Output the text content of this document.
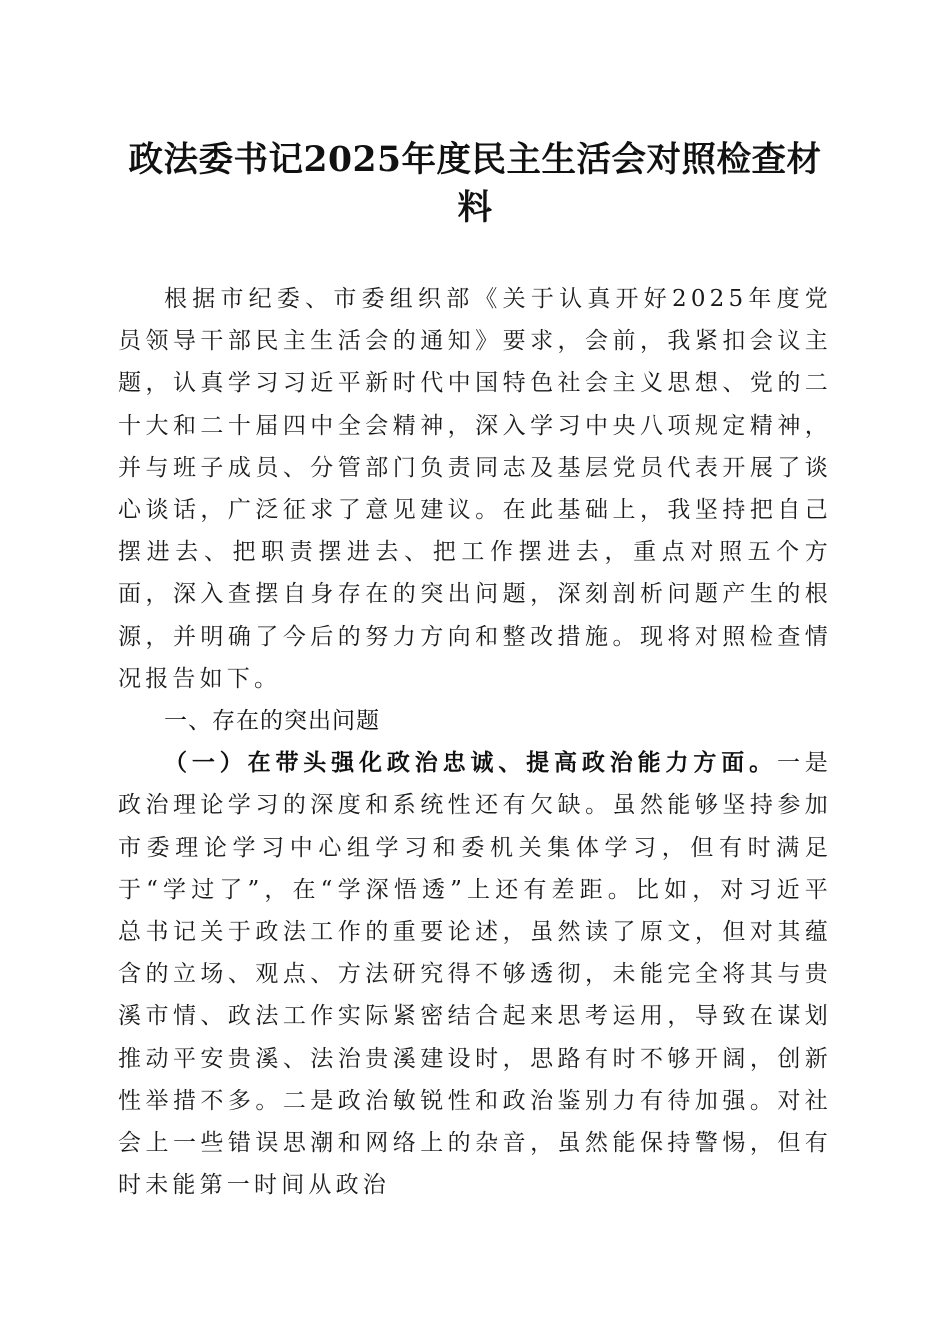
政法委书记2025年度民主生活会对照检查材料

根据市纪委、市委组织部《关于认真开好2025年度党员领导干部民主生活会的通知》要求，会前，我紧扣会议主题，认真学习习近平新时代中国特色社会主义思想、党的二十大和二十届四中全会精神，深入学习中央八项规定精神，并与班子成员、分管部门负责同志及基层党员代表开展了谈心谈话，广泛征求了意见建议。在此基础上，我坚持把自己摆进去、把职责摆进去、把工作摆进去，重点对照五个方面，深入查摆自身存在的突出问题，深刻剖析问题产生的根源，并明确了今后的努力方向和整改措施。现将对照检查情况报告如下。

一、存在的突出问题

（一）在带头强化政治忠诚、提高政治能力方面。一是政治理论学习的深度和系统性还有欠缺。虽然能够坚持参加市委理论学习中心组学习和委机关集体学习，但有时满足于“学过了”，在“学深悟透”上还有差距。比如，对习近平总书记关于政法工作的重要论述，虽然读了原文，但对其蕴含的立场、观点、方法研究得不够透彻，未能完全将其与贵溪市情、政法工作实际紧密结合起来思考运用，导致在谋划推动平安贵溪、法治贵溪建设时，思路有时不够开阔，创新性举措不多。二是政治敏锐性和政治鉴别力有待加强。对社会上一些错误思潮和网络上的杂音，虽然能保持警惕，但有时未能第一时间从政治
